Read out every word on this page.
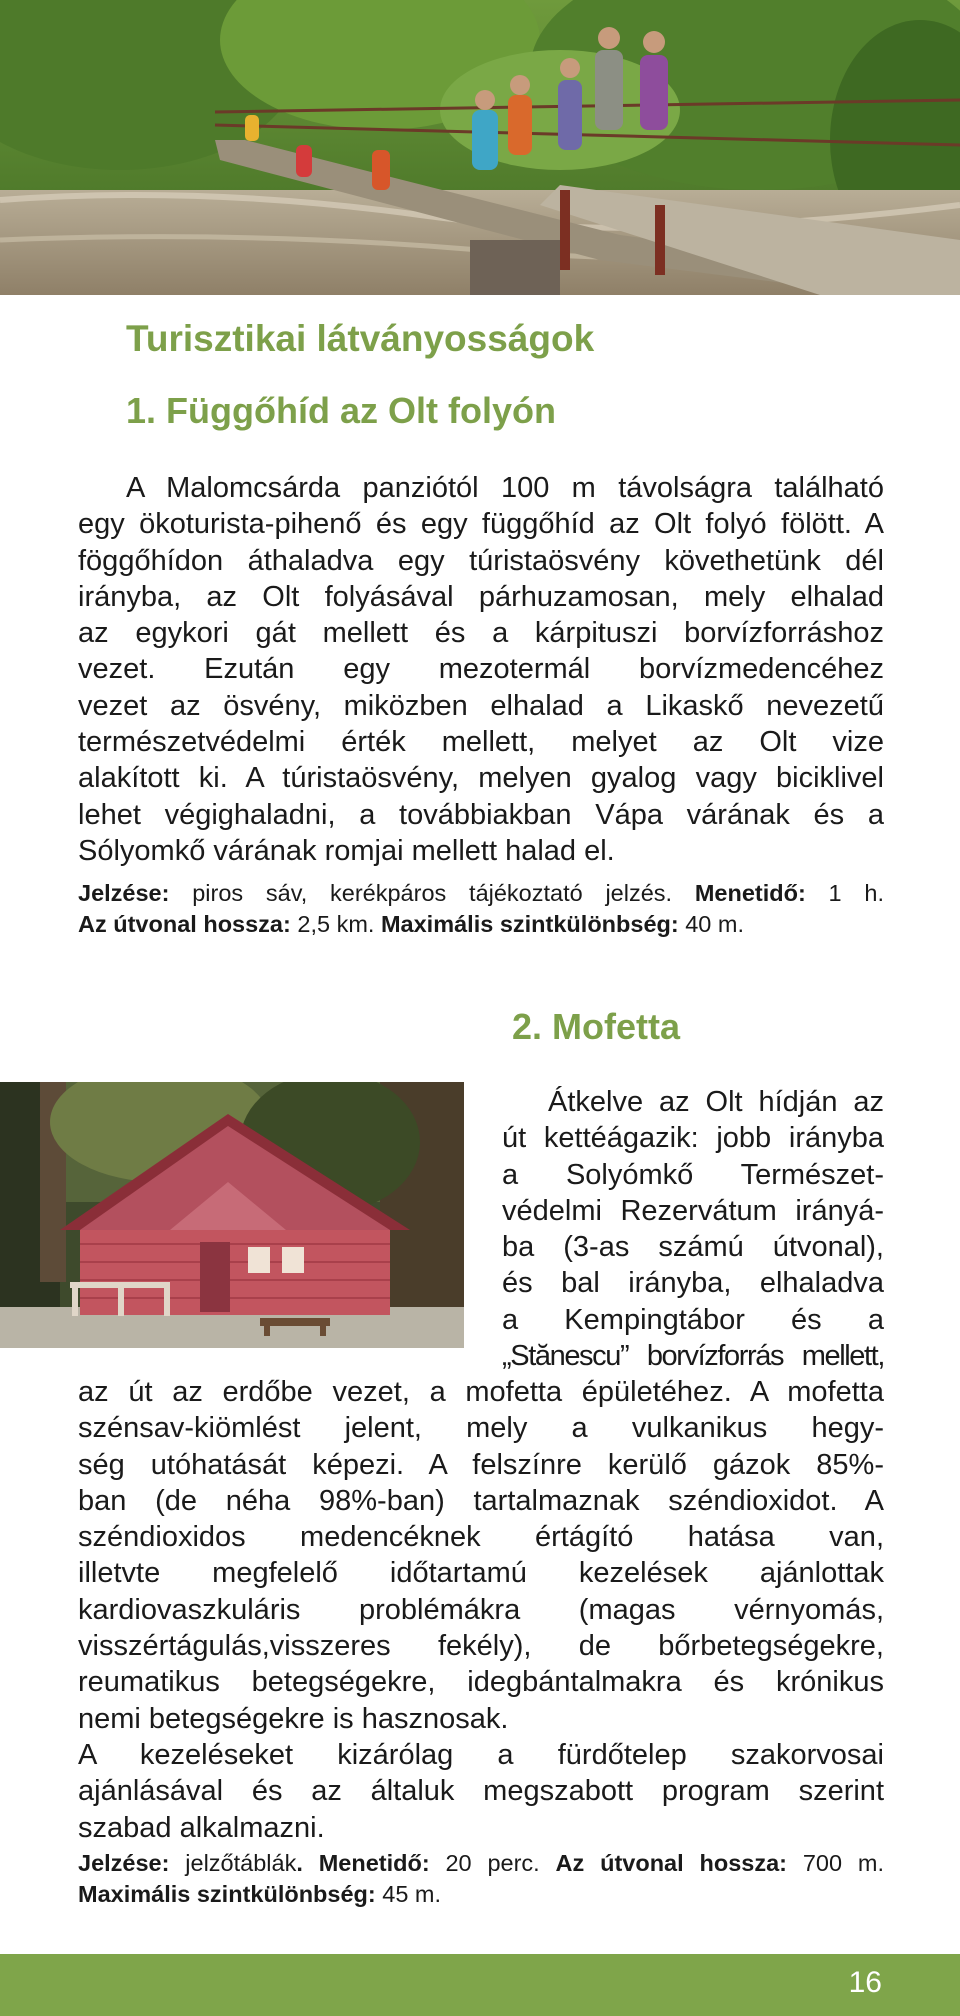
Turisztikai látványosságok
1. Függőhíd az Olt folyón

A Malomcsárda panziótól 100 m távolságra található
egy ökoturista-pihenő és egy függőhíd az Olt folyó fölött. A
föggőhídon áthaladva egy túristaösvény követhetünk dél
irányba, az Olt folyásával párhuzamosan, mely elhalad
az egykori gát mellett és a kárpituszi borvízforráshoz
vezet. Ezután egy mezotermál borvízmedencéhez
vezet az ösvény, miközben elhalad a Likaskő nevezetű
természetvédelmi érték mellett, melyet az Olt vize
alakított ki. A túristaösvény, melyen gyalog vagy biciklivel
lehet végighaladni, a továbbiakban Vápa várának és a
Sólyomkő várának romjai mellett halad el.

Jelzése: piros sáv, kerékpáros tájékoztató jelzés. Menetidő: 1 h.
Az útvonal hossza: 2,5 km. Maximális szintkülönbség: 40 m.
2. Mofetta

Átkelve az Olt hídján az
út kettéágazik: jobb irányba
a Solyómkő Természet-
védelmi Rezervátum irányá-
ba (3-as számú útvonal),
és bal irányba, elhaladva
a Kempingtábor és a
„Stănescu” borvízforrás mellett,

az út az erdőbe vezet, a mofetta épületéhez. A mofetta
szénsav-kiömlést jelent, mely a vulkanikus hegy-
ség utóhatását képezi. A felszínre kerülő gázok 85%-
ban (de néha 98%-ban) tartalmaznak széndioxidot. A
széndioxidos medencéknek értágító hatása van,
illetvte megfelelő időtartamú kezelések ajánlottak
kardiovaszkuláris problémákra (magas vérnyomás,
visszértágulás,visszeres fekély), de bőrbetegségekre,
reumatikus betegségekre, idegbántalmakra és krónikus
nemi betegségekre is hasznosak.
A kezeléseket kizárólag a fürdőtelep szakorvosai
ajánlásával és az általuk megszabott program szerint
szabad alkalmazni.

Jelzése: jelzőtáblák. Menetidő: 20 perc. Az útvonal hossza: 700 m.
Maximális szintkülönbség: 45 m.

16
